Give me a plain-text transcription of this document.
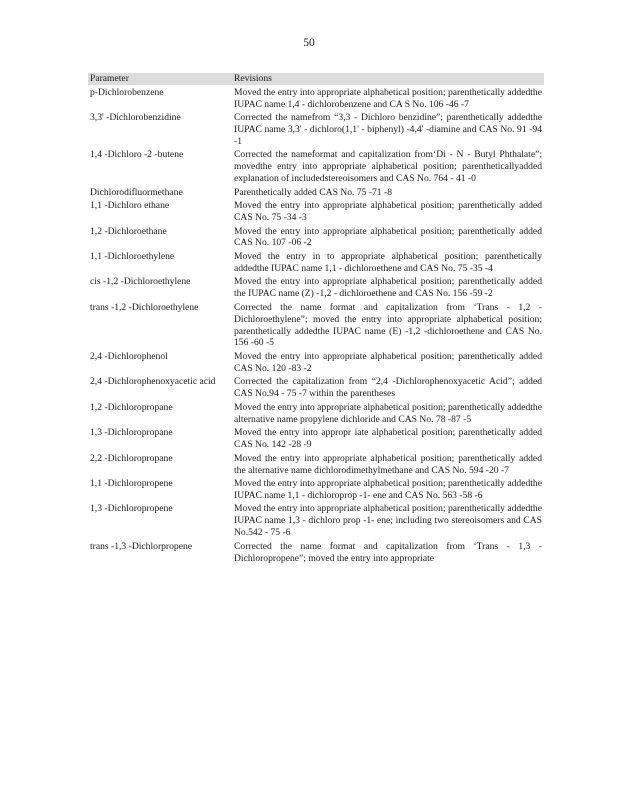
50
Parameter	Revisions
p-Dichlorobenzene	Moved the entry into appropriate alphabetical position; parenthetically addedthe IUPAC name 1,4 - dichlorobenzene and CA S No. 106 -46 -7
3,3' -Dichlorobenzidine	Corrected the namefrom “3,3 - Dichloro benzidine”; parenthetically addedthe IUPAC name 3,3' - dichloro(1,1' - biphenyl) -4,4' -diamine and CAS No. 91 -94 -1
1,4 -Dichloro -2 -butene	Corrected the nameformat and capitalization from‘Di - N - Butyl Phthalate”; movedthe entry into appropriate alphabetical position; parentheticallyadded explanation of includedstereoisomers and CAS No. 764 - 41 -0
Dichlorodifluormethane	Parenthetically added CAS No. 75 -71 -8
1,1 -Dichloro ethane	Moved the entry into appropriate alphabetical position; parenthetically added CAS No. 75 -34 -3
1,2 -Dichloroethane	Moved the entry into appropriate alphabetical position; parenthetically added CAS No. 107 -06 -2
1,1 -Dichloroethylene	Moved the entry in to appropriate alphabetical position; parenthetically addedthe IUPAC name 1,1 - dichloroethene and CAS No. 75 -35 -4
cis -1,2 -Dichloroethylene	Moved the entry into appropriate alphabetical position; parenthetically added the IUPAC name (Z) -1,2 - dichloroethene and CAS No. 156 -59 -2
trans -1,2 -Dichloroethylene	Corrected the name format and capitalization from ‘Trans - 1,2 -Dichloroethylene”; moved the entry into appropriate alphabetical position; parenthetically addedthe IUPAC name (E) -1,2 -dichloroethene and CAS No. 156 -60 -5
2,4 -Dichlorophenol	Moved the entry into appropriate alphabetical position; parenthetically added CAS No. 120 -83 -2
2,4 -Dichlorophenoxyacetic acid	Corrected the capitalization from “2,4 -Dichlorophenoxyacetic Acid”; added CAS No.94 - 75 -7 within the parentheses
1,2 -Dichloropropane	Moved the entry into appropriate alphabetical position; parenthetically addedthe alternative name propylene dichloride and CAS No. 78 -87 -5
1,3 -Dichloropropane	Moved the entry into appropr iate alphabetical position; parenthetically added CAS No. 142 -28 -9
2,2 -Dichloropropane	Moved the entry into appropriate alphabetical position; parenthetically added the alternative name dichlorodimethylmethane and CAS No. 594 -20 -7
1,1 -Dichloropropene	Moved the entry into appropriate alphabetical position; parenthetically addedthe IUPAC name 1,1 - dichloroprop -1- ene and CAS No. 563 -58 -6
1,3 -Dichloropropene	Moved the entry into appropriate alphabetical position; parenthetically addedthe IUPAC name 1,3 - dichloro prop -1- ene; including two stereoisomers and CAS No.542 - 75 -6
trans -1,3 -Dichlorpropene	Corrected the name format and capitalization from ‘Trans - 1,3 -Dichloropropene”; moved the entry into appropriate
